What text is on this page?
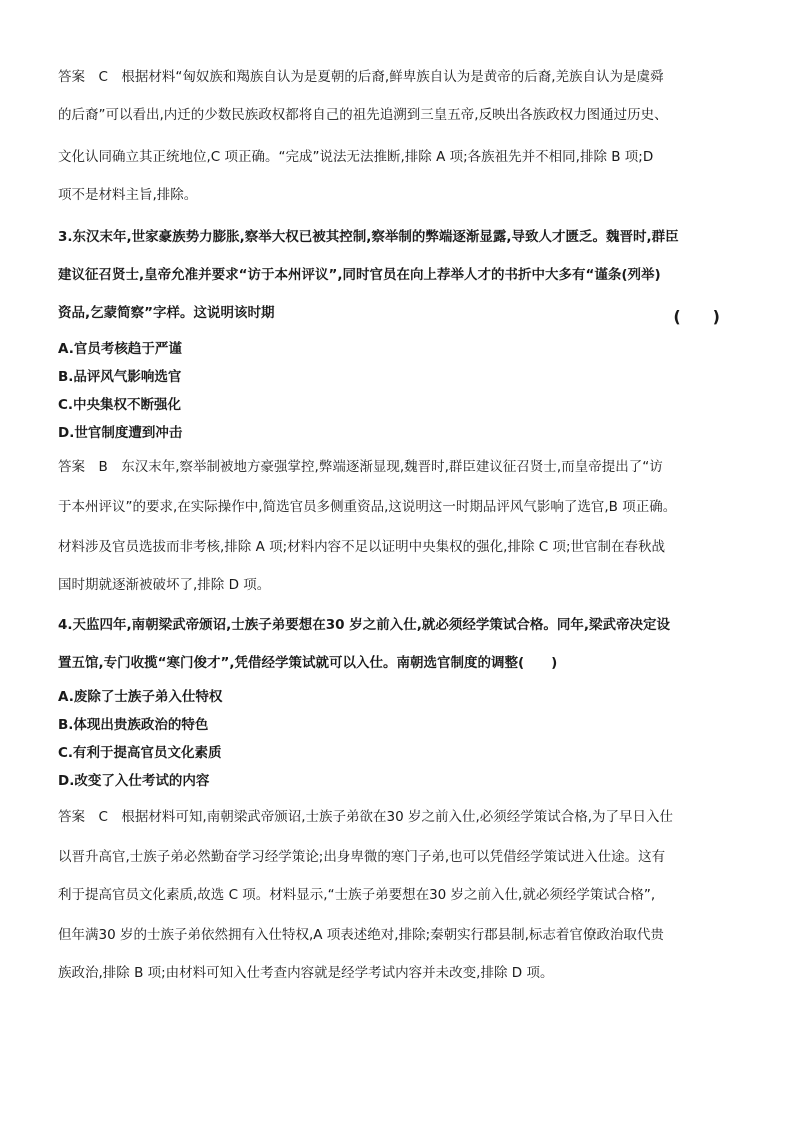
答案　C　根据材料“匈奴族和羯族自认为是夏朝的后裔,鲜卑族自认为是黄帝的后裔,羌族自认为是虞舜
的后裔”可以看出,内迁的少数民族政权都将自己的祖先追溯到三皇五帝,反映出各族政权力图通过历史、
文化认同确立其正统地位,C 项正确。“完成”说法无法推断,排除 A 项;各族祖先并不相同,排除 B 项;D
项不是材料主旨,排除。
3.东汉末年,世家豪族势力膨胀,察举大权已被其控制,察举制的弊端逐渐显露,导致人才匮乏。魏晋时,群臣
建议征召贤士,皇帝允准并要求“访于本州评议”,同时官员在向上荐举人才的书折中大多有“谨条(列举)
资品,乞蒙简察”字样。这说明该时期	(　　)
A.官员考核趋于严谨
B.品评风气影响选官
C.中央集权不断强化
D.世官制度遭到冲击
答案　B　东汉末年,察举制被地方豪强掌控,弊端逐渐显现,魏晋时,群臣建议征召贤士,而皇帝提出了“访
于本州评议”的要求,在实际操作中,简选官员多侧重资品,这说明这一时期品评风气影响了选官,B 项正确。
材料涉及官员选拔而非考核,排除 A 项;材料内容不足以证明中央集权的强化,排除 C 项;世官制在春秋战
国时期就逐渐被破坏了,排除 D 项。
4.天监四年,南朝梁武帝颁诏,士族子弟要想在30 岁之前入仕,就必须经学策试合格。同年,梁武帝决定设
置五馆,专门收揽“寒门俊才”,凭借经学策试就可以入仕。南朝选官制度的调整(　　)
A.废除了士族子弟入仕特权
B.体现出贵族政治的特色
C.有利于提高官员文化素质
D.改变了入仕考试的内容
答案　C　根据材料可知,南朝梁武帝颁诏,士族子弟欲在30 岁之前入仕,必须经学策试合格,为了早日入仕
以晋升高官,士族子弟必然勤奋学习经学策论;出身卑微的寒门子弟,也可以凭借经学策试进入仕途。这有
利于提高官员文化素质,故选 C 项。材料显示,“士族子弟要想在30 岁之前入仕,就必须经学策试合格”,
但年满30 岁的士族子弟依然拥有入仕特权,A 项表述绝对,排除;秦朝实行郡县制,标志着官僚政治取代贵
族政治,排除 B 项;由材料可知入仕考查内容就是经学考试内容并未改变,排除 D 项。
